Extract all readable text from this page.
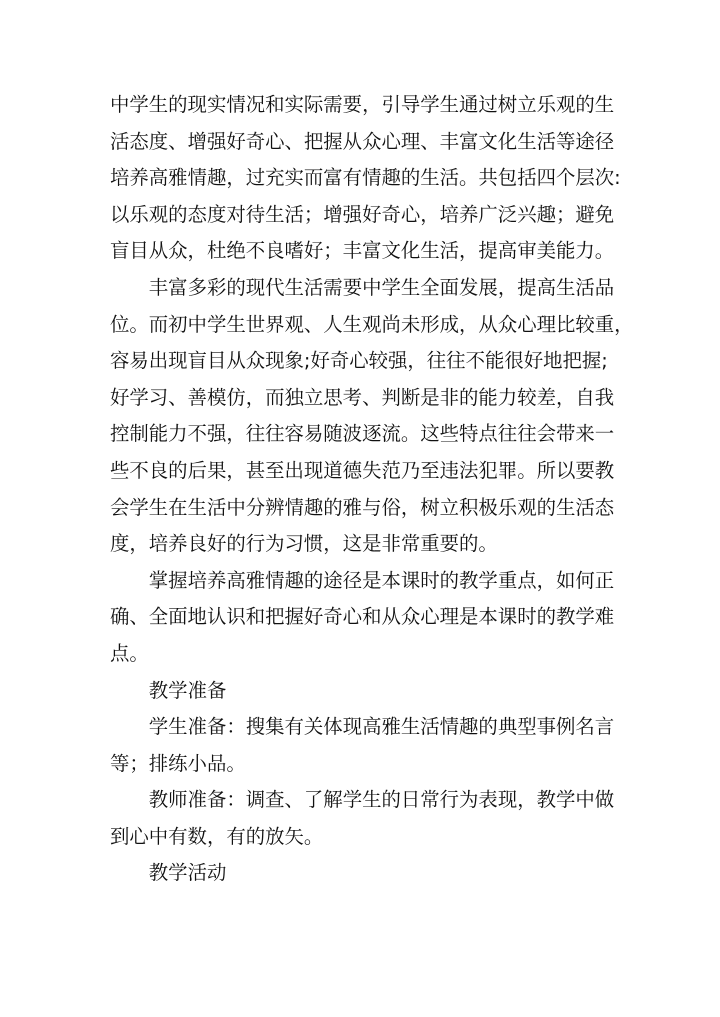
中学生的现实情况和实际需要，引导学生通过树立乐观的生
活态度、增强好奇心、把握从众心理、丰富文化生活等途径
培养高雅情趣，过充实而富有情趣的生活。共包括四个层次:
以乐观的态度对待生活；增强好奇心，培养广泛兴趣；避免
盲目从众，杜绝不良嗜好；丰富文化生活，提高审美能力。

丰富多彩的现代生活需要中学生全面发展，提高生活品
位。而初中学生世界观、人生观尚未形成，从众心理比较重，
容易出现盲目从众现象;好奇心较强，往往不能很好地把握;
好学习、善模仿，而独立思考、判断是非的能力较差，自我
控制能力不强，往往容易随波逐流。这些特点往往会带来一
些不良的后果，甚至出现道德失范乃至违法犯罪。所以要教
会学生在生活中分辨情趣的雅与俗，树立积极乐观的生活态
度，培养良好的行为习惯，这是非常重要的。

掌握培养高雅情趣的途径是本课时的教学重点，如何正
确、全面地认识和把握好奇心和从众心理是本课时的教学难
点。

教学准备

学生准备：搜集有关体现高雅生活情趣的典型事例名言
等；排练小品。

教师准备：调查、了解学生的日常行为表现，教学中做
到心中有数，有的放矢。

教学活动
